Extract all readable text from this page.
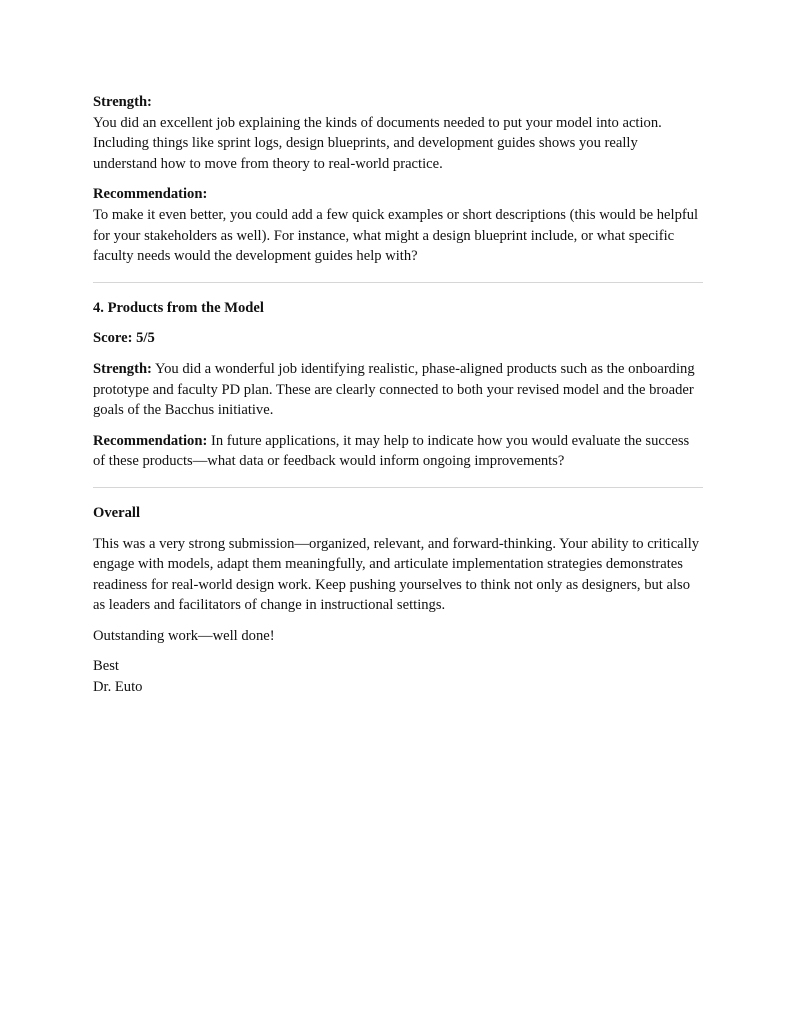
Strength:
You did an excellent job explaining the kinds of documents needed to put your model into action. Including things like sprint logs, design blueprints, and development guides shows you really understand how to move from theory to real-world practice.
Recommendation:
To make it even better, you could add a few quick examples or short descriptions (this would be helpful for your stakeholders as well). For instance, what might a design blueprint include, or what specific faculty needs would the development guides help with?
4. Products from the Model
Score: 5/5
Strength: You did a wonderful job identifying realistic, phase-aligned products such as the onboarding prototype and faculty PD plan. These are clearly connected to both your revised model and the broader goals of the Bacchus initiative.
Recommendation: In future applications, it may help to indicate how you would evaluate the success of these products—what data or feedback would inform ongoing improvements?
Overall
This was a very strong submission—organized, relevant, and forward-thinking. Your ability to critically engage with models, adapt them meaningfully, and articulate implementation strategies demonstrates readiness for real-world design work. Keep pushing yourselves to think not only as designers, but also as leaders and facilitators of change in instructional settings.
Outstanding work—well done!
Best
Dr. Euto
